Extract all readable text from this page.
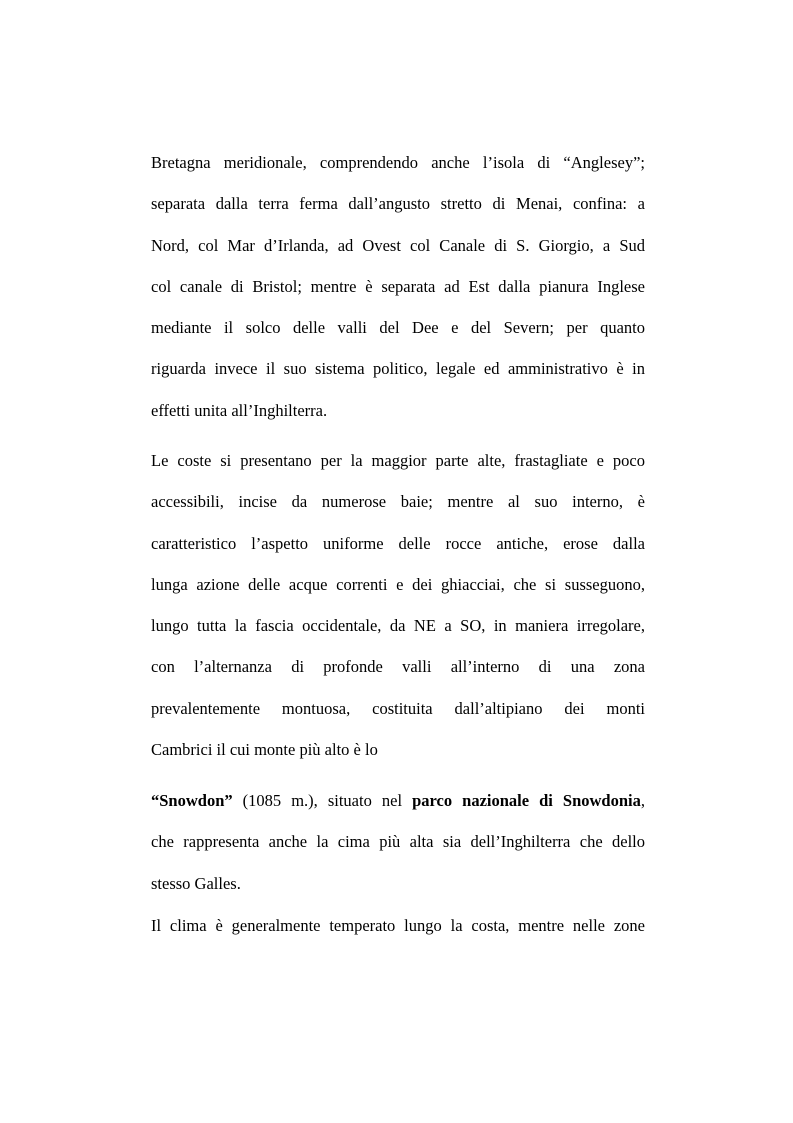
Bretagna meridionale, comprendendo anche l’isola di “Anglesey”;
separata dalla terra ferma dall’angusto stretto di Menai, confina: a
Nord, col Mar d’Irlanda, ad Ovest col Canale di S. Giorgio, a Sud
col canale di Bristol; mentre è separata ad Est dalla pianura Inglese
mediante il solco delle valli del Dee e del Severn; per quanto
riguarda invece il suo sistema politico, legale ed amministrativo è in
effetti unita all’Inghilterra.
Le coste si presentano per la maggior parte alte, frastagliate e poco
accessibili, incise da numerose baie; mentre al suo interno, è
caratteristico l’aspetto uniforme delle rocce antiche, erose dalla
lunga azione delle acque correnti e dei ghiacciai, che si susseguono,
lungo tutta la fascia occidentale, da NE a SO, in maniera irregolare,
con l’alternanza di profonde valli all’interno di una zona
prevalentemente montuosa, costituita dall’altipiano dei monti
Cambrici il cui monte più alto è lo
“Snowdon” (1085 m.), situato nel parco nazionale di Snowdonia,
che rappresenta anche la cima più alta sia dell’Inghilterra che dello
stesso Galles.
Il clima è generalmente temperato lungo la costa, mentre nelle zone
